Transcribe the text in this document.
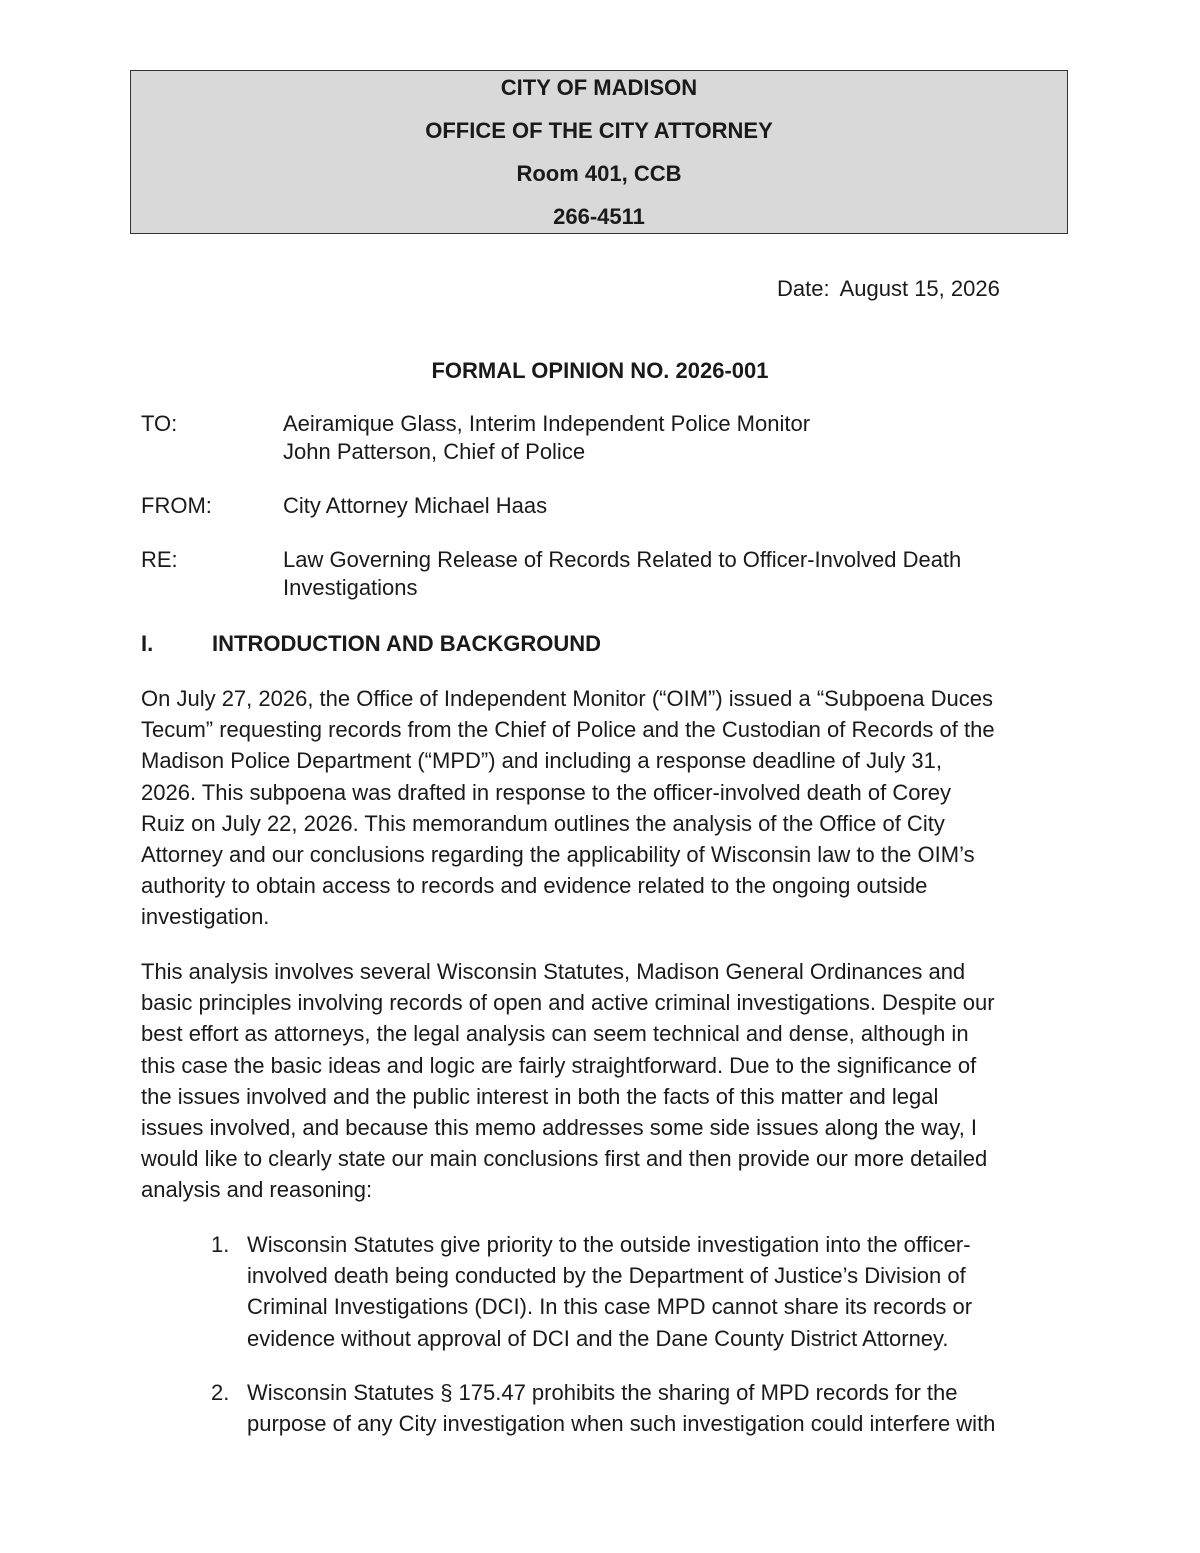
CITY OF MADISON
OFFICE OF THE CITY ATTORNEY
Room 401, CCB
266-4511
Date: August 15, 2026
FORMAL OPINION NO. 2026-001
TO:	Aeiramique Glass, Interim Independent Police Monitor
John Patterson, Chief of Police
FROM:	City Attorney Michael Haas
RE:	Law Governing Release of Records Related to Officer-Involved Death
Investigations
I.	INTRODUCTION AND BACKGROUND
On July 27, 2026, the Office of Independent Monitor (“OIM”) issued a “Subpoena Duces
Tecum” requesting records from the Chief of Police and the Custodian of Records of the
Madison Police Department (“MPD”) and including a response deadline of July 31,
2026. This subpoena was drafted in response to the officer-involved death of Corey
Ruiz on July 22, 2026. This memorandum outlines the analysis of the Office of City
Attorney and our conclusions regarding the applicability of Wisconsin law to the OIM’s
authority to obtain access to records and evidence related to the ongoing outside
investigation.
This analysis involves several Wisconsin Statutes, Madison General Ordinances and
basic principles involving records of open and active criminal investigations. Despite our
best effort as attorneys, the legal analysis can seem technical and dense, although in
this case the basic ideas and logic are fairly straightforward. Due to the significance of
the issues involved and the public interest in both the facts of this matter and legal
issues involved, and because this memo addresses some side issues along the way, I
would like to clearly state our main conclusions first and then provide our more detailed
analysis and reasoning:
1. Wisconsin Statutes give priority to the outside investigation into the officer-
involved death being conducted by the Department of Justice’s Division of
Criminal Investigations (DCI). In this case MPD cannot share its records or
evidence without approval of DCI and the Dane County District Attorney.
2. Wisconsin Statutes § 175.47 prohibits the sharing of MPD records for the
purpose of any City investigation when such investigation could interfere with
